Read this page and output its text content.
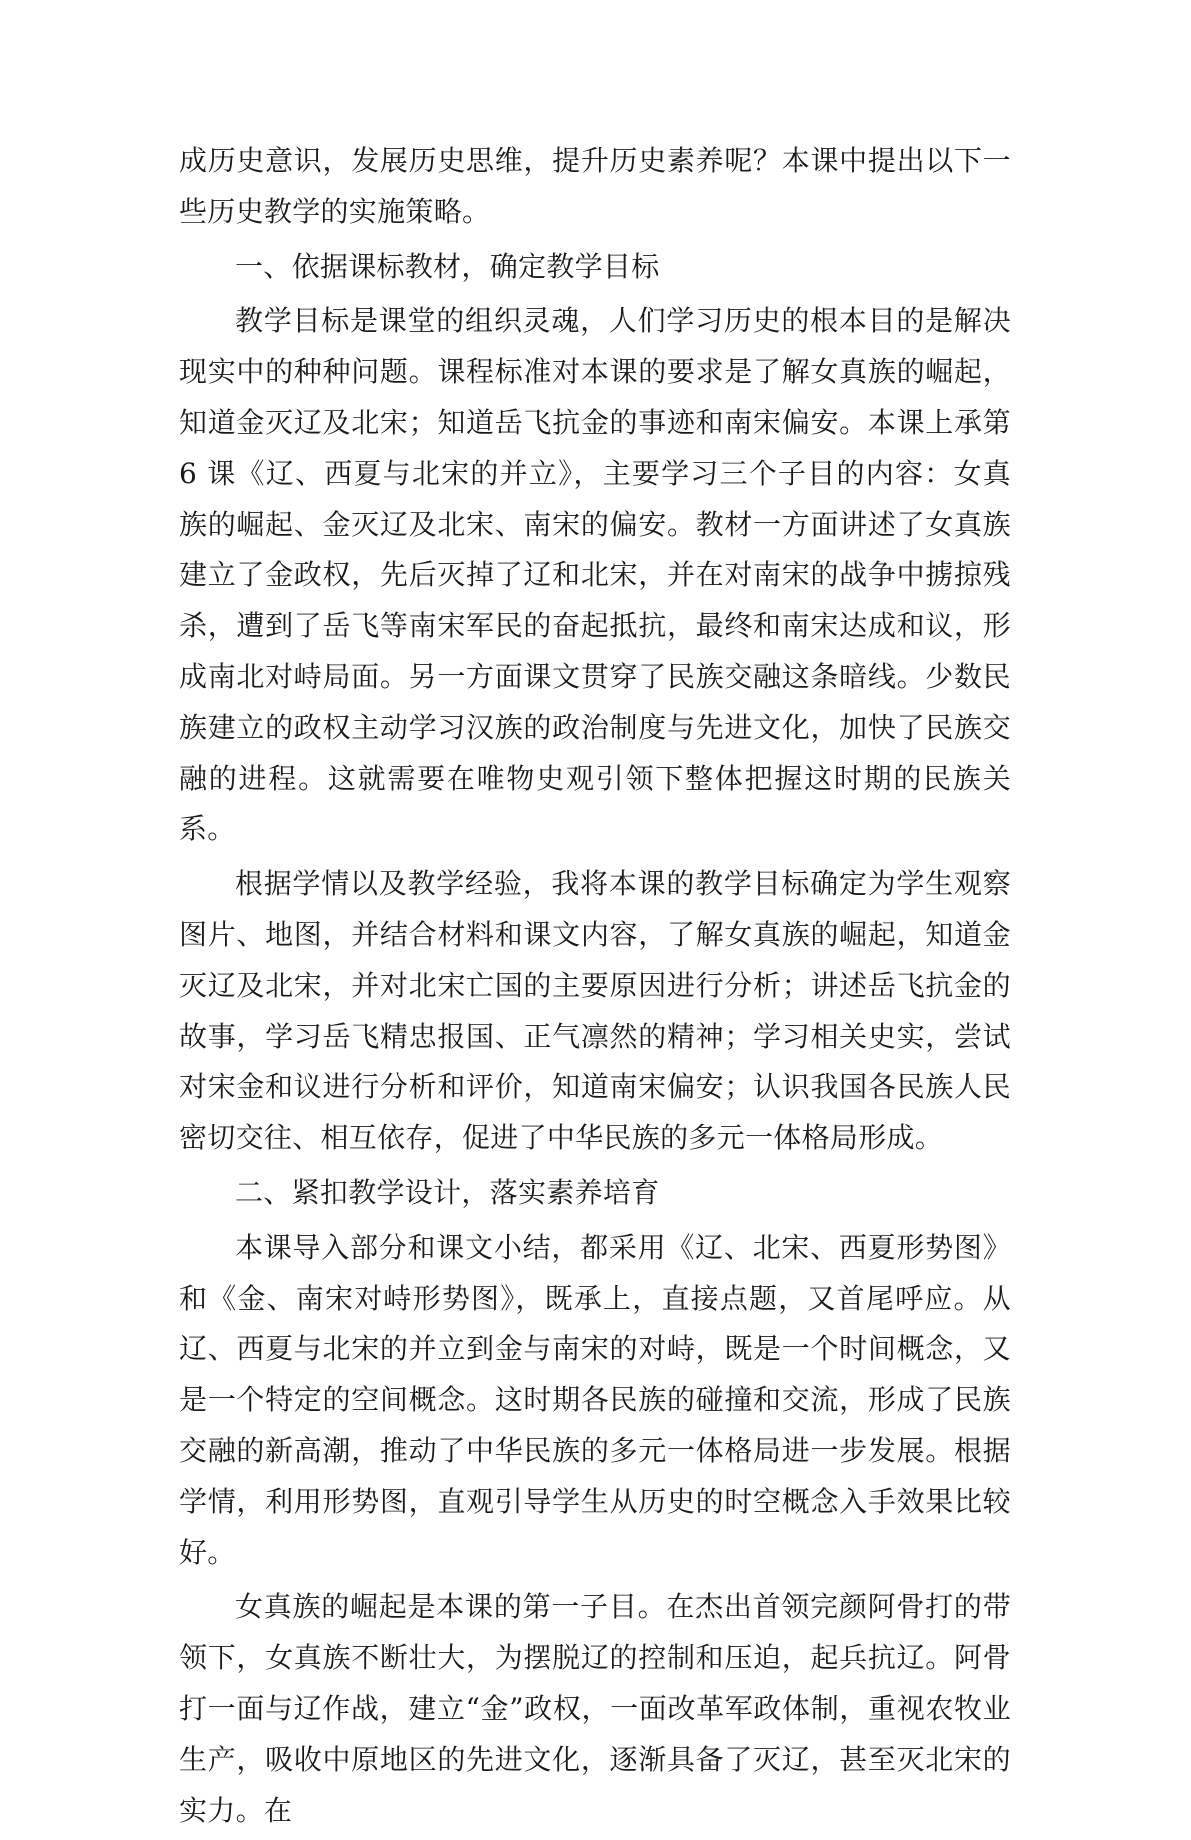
成历史意识，发展历史思维，提升历史素养呢？本课中提出以下一些历史教学的实施策略。

一、依据课标教材，确定教学目标

教学目标是课堂的组织灵魂，人们学习历史的根本目的是解决现实中的种种问题。课程标准对本课的要求是了解女真族的崛起，知道金灭辽及北宋；知道岳飞抗金的事迹和南宋偏安。本课上承第 6 课《辽、西夏与北宋的并立》，主要学习三个子目的内容：女真族的崛起、金灭辽及北宋、南宋的偏安。教材一方面讲述了女真族建立了金政权，先后灭掉了辽和北宋，并在对南宋的战争中掳掠残杀，遭到了岳飞等南宋军民的奋起抵抗，最终和南宋达成和议，形成南北对峙局面。另一方面课文贯穿了民族交融这条暗线。少数民族建立的政权主动学习汉族的政治制度与先进文化，加快了民族交融的进程。这就需要在唯物史观引领下整体把握这时期的民族关系。

根据学情以及教学经验，我将本课的教学目标确定为学生观察图片、地图，并结合材料和课文内容，了解女真族的崛起，知道金灭辽及北宋，并对北宋亡国的主要原因进行分析；讲述岳飞抗金的故事，学习岳飞精忠报国、正气凛然的精神；学习相关史实，尝试对宋金和议进行分析和评价，知道南宋偏安；认识我国各民族人民密切交往、相互依存，促进了中华民族的多元一体格局形成。

二、紧扣教学设计，落实素养培育

本课导入部分和课文小结，都采用《辽、北宋、西夏形势图》和《金、南宋对峙形势图》，既承上，直接点题，又首尾呼应。从辽、西夏与北宋的并立到金与南宋的对峙，既是一个时间概念，又是一个特定的空间概念。这时期各民族的碰撞和交流，形成了民族交融的新高潮，推动了中华民族的多元一体格局进一步发展。根据学情，利用形势图，直观引导学生从历史的时空概念入手效果比较好。

女真族的崛起是本课的第一子目。在杰出首领完颜阿骨打的带领下，女真族不断壮大，为摆脱辽的控制和压迫，起兵抗辽。阿骨打一面与辽作战，建立“金”政权，一面改革军政体制，重视农牧业生产，吸收中原地区的先进文化，逐渐具备了灭辽，甚至灭北宋的实力。在
